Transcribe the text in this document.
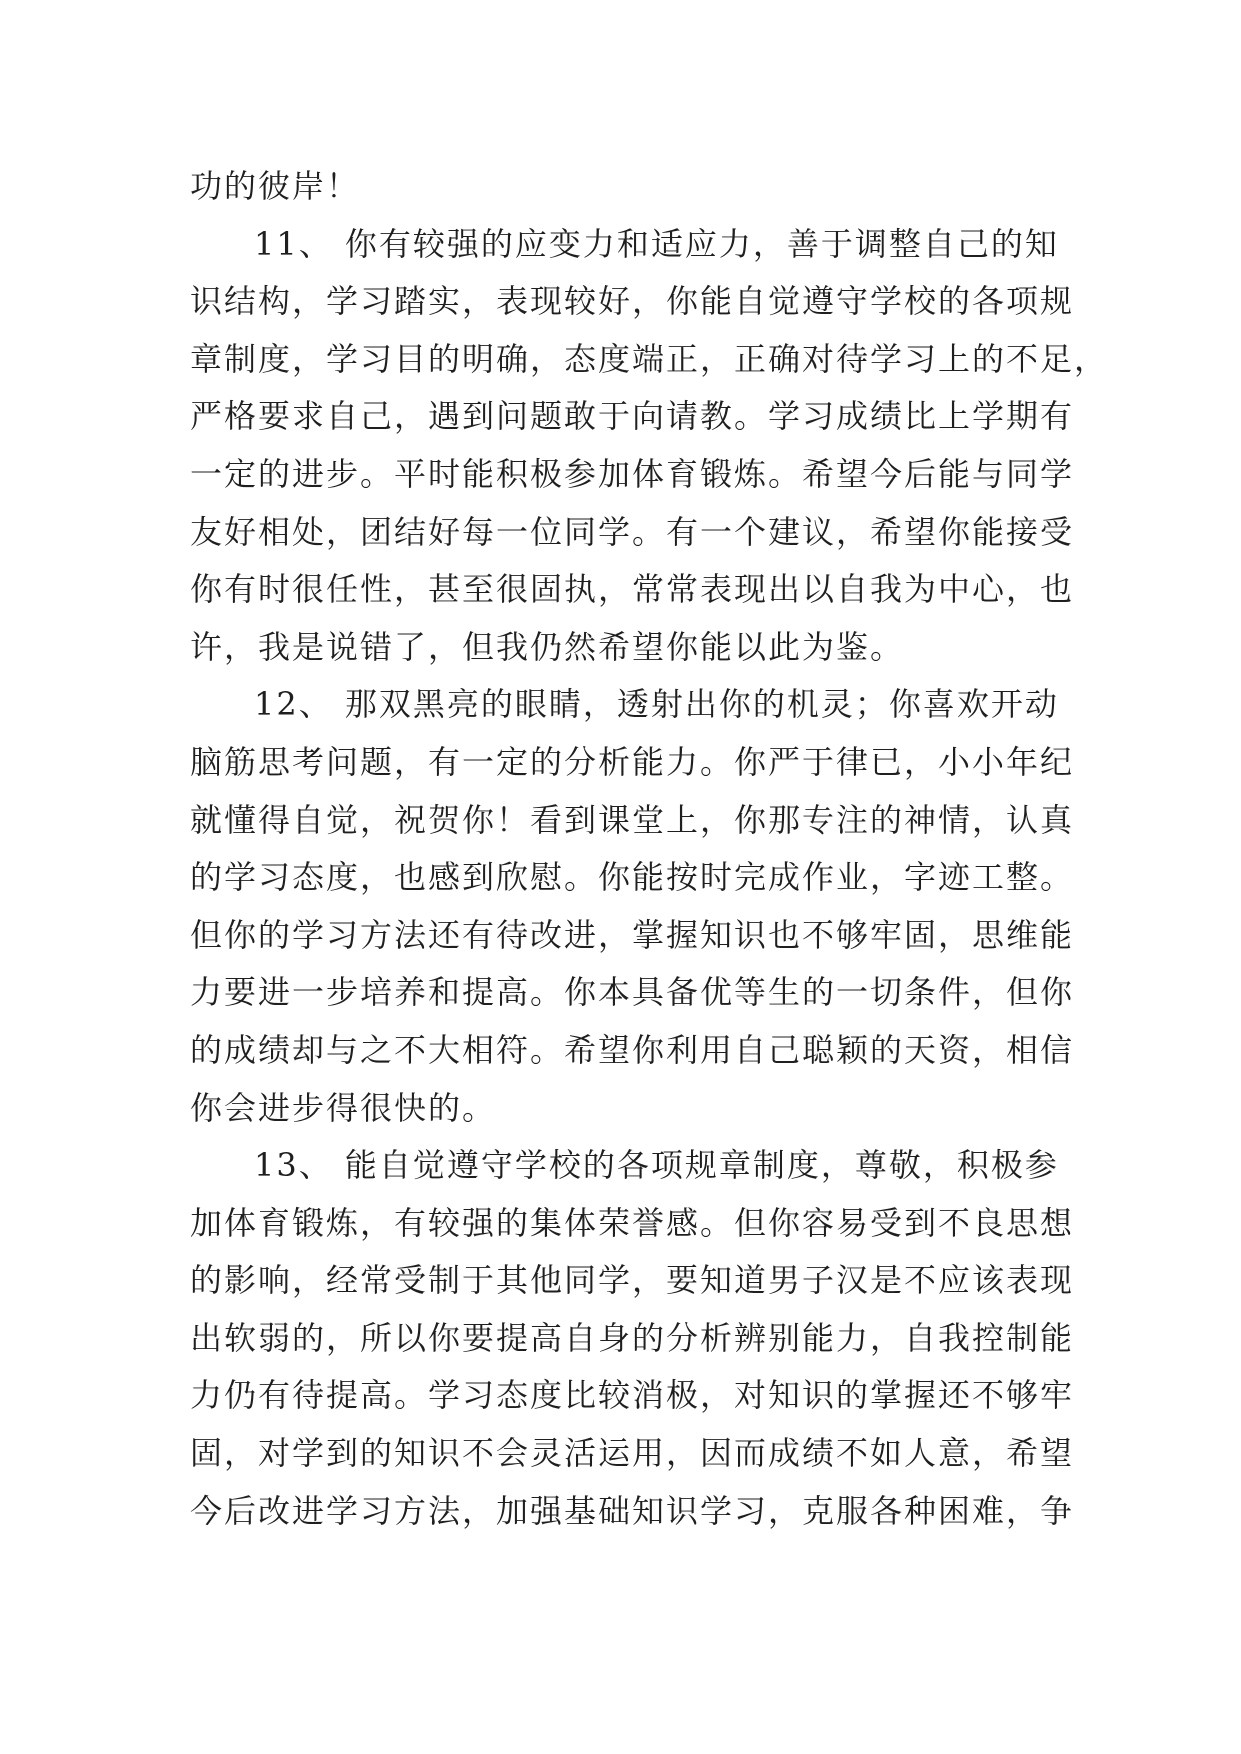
功的彼岸！
11、 你有较强的应变力和适应力，善于调整自己的知
识结构，学习踏实，表现较好，你能自觉遵守学校的各项规
章制度，学习目的明确，态度端正，正确对待学习上的不足，
严格要求自己，遇到问题敢于向请教。学习成绩比上学期有
一定的进步。平时能积极参加体育锻炼。希望今后能与同学
友好相处，团结好每一位同学。有一个建议，希望你能接受
你有时很任性，甚至很固执，常常表现出以自我为中心，也
许，我是说错了，但我仍然希望你能以此为鉴。
12、 那双黑亮的眼睛，透射出你的机灵；你喜欢开动
脑筋思考问题，有一定的分析能力。你严于律已，小小年纪
就懂得自觉，祝贺你！看到课堂上，你那专注的神情，认真
的学习态度，也感到欣慰。你能按时完成作业，字迹工整。
但你的学习方法还有待改进，掌握知识也不够牢固，思维能
力要进一步培养和提高。你本具备优等生的一切条件，但你
的成绩却与之不大相符。希望你利用自己聪颖的天资，相信
你会进步得很快的。
13、 能自觉遵守学校的各项规章制度，尊敬，积极参
加体育锻炼，有较强的集体荣誉感。但你容易受到不良思想
的影响，经常受制于其他同学，要知道男子汉是不应该表现
出软弱的，所以你要提高自身的分析辨别能力，自我控制能
力仍有待提高。学习态度比较消极，对知识的掌握还不够牢
固，对学到的知识不会灵活运用，因而成绩不如人意，希望
今后改进学习方法，加强基础知识学习，克服各种困难，争
